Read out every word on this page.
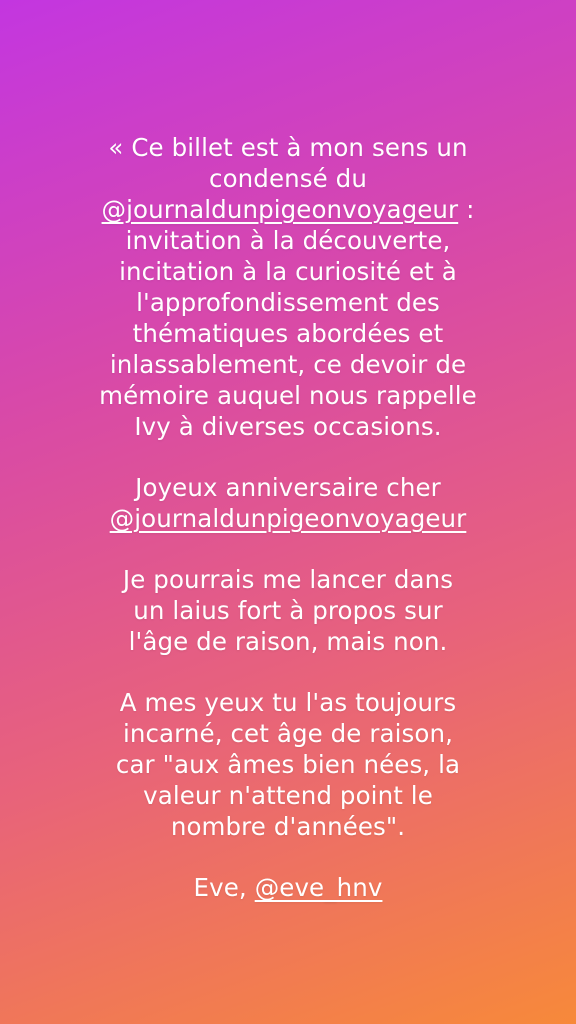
« Ce billet est à mon sens un
condensé du
@journaldunpigeonvoyageur :
invitation à la découverte,
incitation à la curiosité et à
l'approfondissement des
thématiques abordées et
inlassablement, ce devoir de
mémoire auquel nous rappelle
Ivy à diverses occasions.

Joyeux anniversaire cher
@journaldunpigeonvoyageur

Je pourrais me lancer dans
un laius fort à propos sur
l'âge de raison, mais non.

A mes yeux tu l'as toujours
incarné, cet âge de raison,
car "aux âmes bien nées, la
valeur n'attend point le
nombre d'années".

Eve, @eve_hnv
